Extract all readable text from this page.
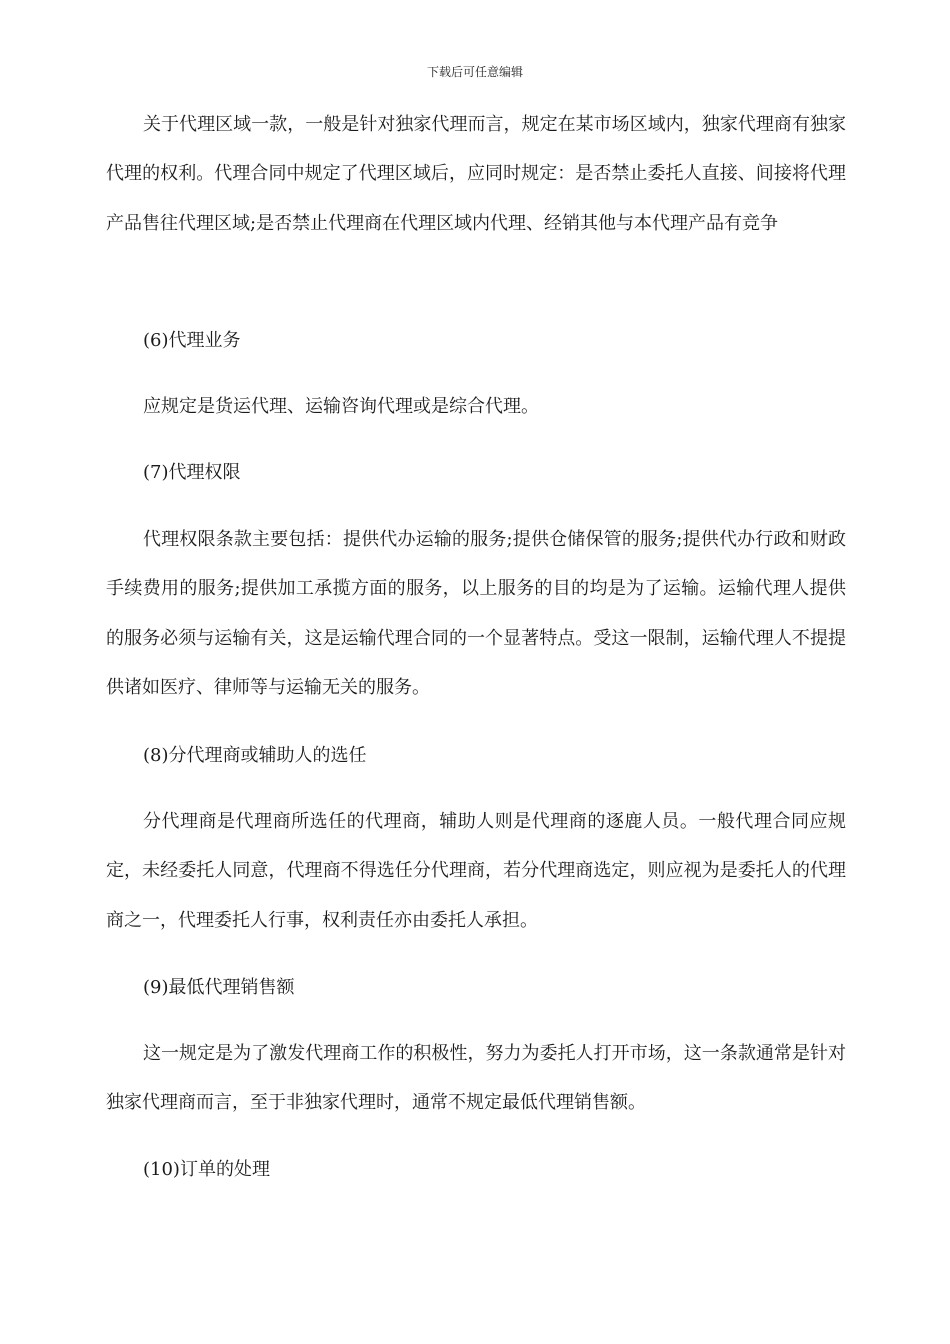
下载后可任意编辑

关于代理区域一款，一般是针对独家代理而言，规定在某市场区域内，独家代理商有独家代理的权利。代理合同中规定了代理区域后，应同时规定：是否禁止委托人直接、间接将代理产品售往代理区域;是否禁止代理商在代理区域内代理、经销其他与本代理产品有竞争

(6)代理业务

应规定是货运代理、运输咨询代理或是综合代理。

(7)代理权限

代理权限条款主要包括：提供代办运输的服务;提供仓储保管的服务;提供代办行政和财政手续费用的服务;提供加工承揽方面的服务，以上服务的目的均是为了运输。运输代理人提供的服务必须与运输有关，这是运输代理合同的一个显著特点。受这一限制，运输代理人不提提供诸如医疗、律师等与运输无关的服务。

(8)分代理商或辅助人的选任

分代理商是代理商所选任的代理商，辅助人则是代理商的逐鹿人员。一般代理合同应规定，未经委托人同意，代理商不得选任分代理商，若分代理商选定，则应视为是委托人的代理商之一，代理委托人行事，权利责任亦由委托人承担。

(9)最低代理销售额

这一规定是为了激发代理商工作的积极性，努力为委托人打开市场，这一条款通常是针对独家代理商而言，至于非独家代理时，通常不规定最低代理销售额。

(10)订单的处理
